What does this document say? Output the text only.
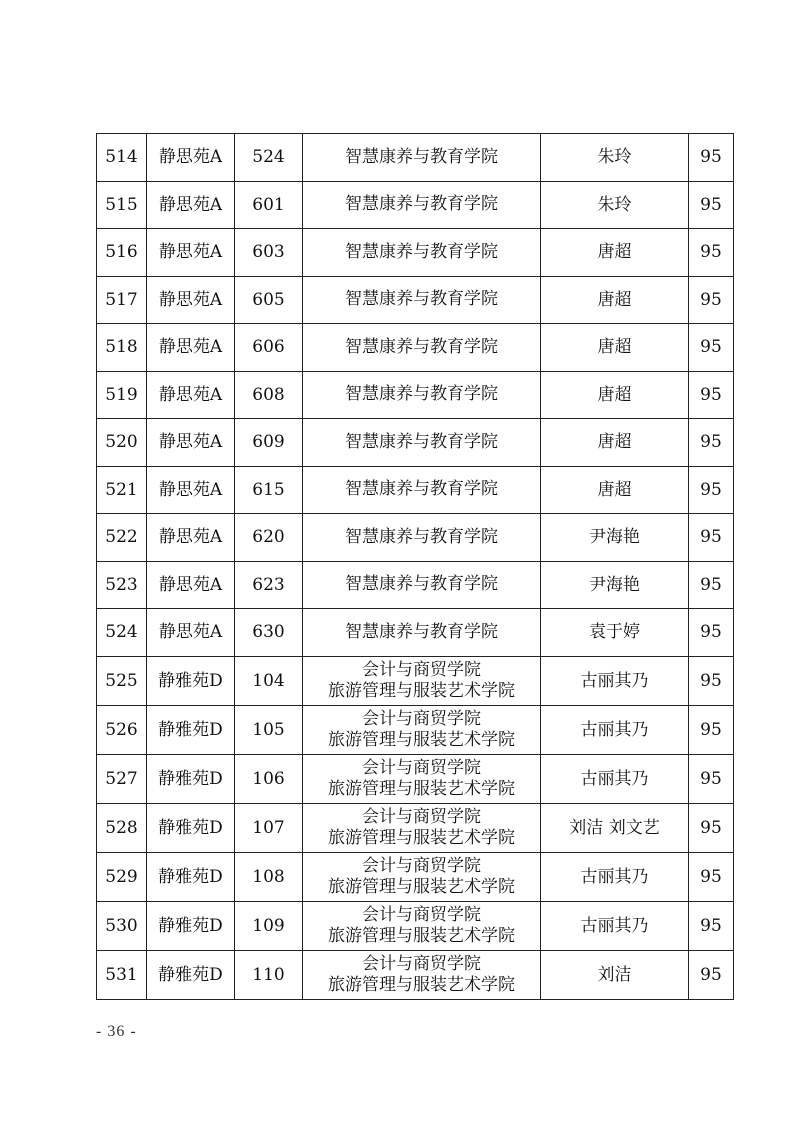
514	静思苑A	524	智慧康养与教育学院	朱玲	95
515	静思苑A	601	智慧康养与教育学院	朱玲	95
516	静思苑A	603	智慧康养与教育学院	唐超	95
517	静思苑A	605	智慧康养与教育学院	唐超	95
518	静思苑A	606	智慧康养与教育学院	唐超	95
519	静思苑A	608	智慧康养与教育学院	唐超	95
520	静思苑A	609	智慧康养与教育学院	唐超	95
521	静思苑A	615	智慧康养与教育学院	唐超	95
522	静思苑A	620	智慧康养与教育学院	尹海艳	95
523	静思苑A	623	智慧康养与教育学院	尹海艳	95
524	静思苑A	630	智慧康养与教育学院	袁于婷	95
525	静雅苑D	104	会计与商贸学院
旅游管理与服装艺术学院	古丽其乃	95
526	静雅苑D	105	会计与商贸学院
旅游管理与服装艺术学院	古丽其乃	95
527	静雅苑D	106	会计与商贸学院
旅游管理与服装艺术学院	古丽其乃	95
528	静雅苑D	107	会计与商贸学院
旅游管理与服装艺术学院	刘洁 刘文艺	95
529	静雅苑D	108	会计与商贸学院
旅游管理与服装艺术学院	古丽其乃	95
530	静雅苑D	109	会计与商贸学院
旅游管理与服装艺术学院	古丽其乃	95
531	静雅苑D	110	会计与商贸学院
旅游管理与服装艺术学院	刘洁	95
- 36 -
